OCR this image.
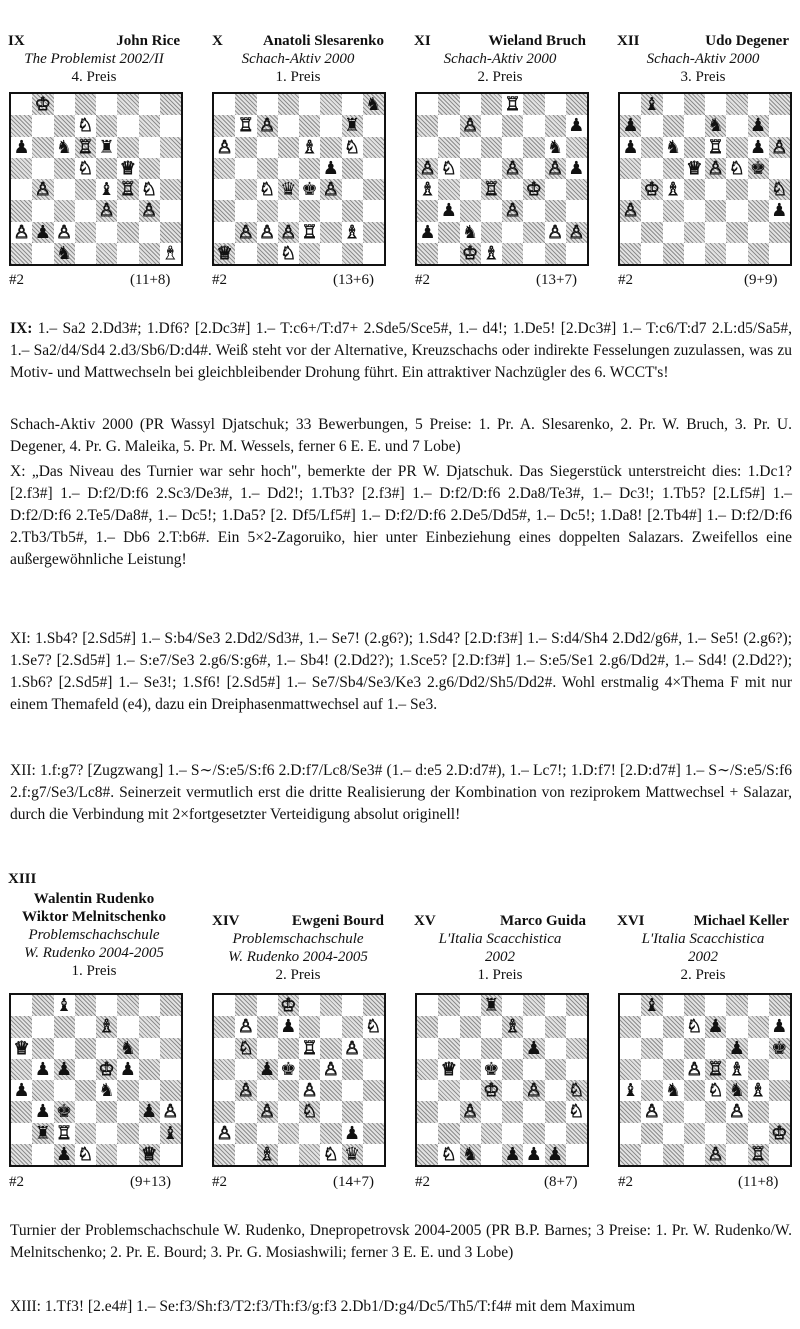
IX	John Rice
The Problemist 2002/II
4. Preis
X	Anatoli Slesarenko
Schach-Aktiv 2000
1. Preis
XI	Wieland Bruch
Schach-Aktiv 2000
2. Preis
XII	Udo Degener
Schach-Aktiv 2000
3. Preis
♔
♘
♟ ♞ ♖ ♜
♕
♘
♝ ♖ ♘
♙
♙
♙
♙
♞	♝
♟
♙
♞
♖ ♙	♜
♗ ♘
♙
♟
♘ ♛ ♚ ♙
♙ ♙ ♙ ♖ ♗
♕	♘
♖
♙	♟
♞
♙ ♘	♙ ♙ ♟
♗	♖ ♔
♟	♙
♞	♙ ♙
♔ ♗
♟
♝
♟	♞ ♟
♖ ♟
♞
♕ ♙ ♘ ♚
♙
♔ ♗	♘
♙
♟
♟
#2	(11+8)	#2	(13+6)	#2	(13+7)	#2	(9+9)
IX: 1.– Sa2 2.Dd3#; 1.Df6? [2.Dc3#] 1.– T:c6+/T:d7+ 2.Sde5/Sce5#, 1.– d4!; 1.De5! [2.Dc3#] 1.– T:c6/T:d7 2.L:d5/Sa5#, 1.– Sa2/d4/Sd4 2.d3/Sb6/D:d4#. Weiß steht vor der Alternative, Kreuzschachs oder indirekte Fesselungen zuzulassen, was zu Motiv- und Mattwechseln bei gleichbleibender Drohung führt. Ein attraktiver Nachzügler des 6. WCCT's!
Schach-Aktiv 2000 (PR Wassyl Djatschuk; 33 Bewerbungen, 5 Preise: 1. Pr. A. Slesarenko, 2. Pr. W. Bruch, 3. Pr. U. Degener, 4. Pr. G. Maleika, 5. Pr. M. Wessels, ferner 6 E. E. und 7 Lobe)
X: „Das Niveau des Turnier war sehr hoch", bemerkte der PR W. Djatschuk. Das Siegerstück unterstreicht dies: 1.Dc1? [2.f3#] 1.– D:f2/D:f6 2.Sc3/De3#, 1.– Dd2!; 1.Tb3? [2.f3#] 1.– D:f2/D:f6 2.Da8/Te3#, 1.– Dc3!; 1.Tb5? [2.Lf5#] 1.– D:f2/D:f6 2.Te5/Da8#, 1.– Dc5!; 1.Da5? [2. Df5/Lf5#] 1.– D:f2/D:f6 2.De5/Dd5#, 1.– Dc5!; 1.Da8! [2.Tb4#] 1.– D:f2/D:f6 2.Tb3/Tb5#, 1.– Db6 2.T:b6#. Ein 5×2-Zagoruiko, hier unter Einbeziehung eines doppelten Salazars. Zweifellos eine außergewöhnliche Leistung!
XI: 1.Sb4? [2.Sd5#] 1.– S:b4/Se3 2.Dd2/Sd3#, 1.– Se7! (2.g6?); 1.Sd4? [2.D:f3#] 1.– S:d4/Sh4 2.Dd2/g6#, 1.– Se5! (2.g6?); 1.Se7? [2.Sd5#] 1.– S:e7/Se3 2.g6/S:g6#, 1.– Sb4! (2.Dd2?); 1.Sce5? [2.D:f3#] 1.– S:e5/Se1 2.g6/Dd2#, 1.– Sd4! (2.Dd2?); 1.Sb6? [2.Sd5#] 1.– Se3!; 1.Sf6! [2.Sd5#] 1.– Se7/Sb4/Se3/Ke3 2.g6/Dd2/Sh5/Dd2#. Wohl erstmalig 4×Thema F mit nur einem Themafeld (e4), dazu ein Dreiphasenmattwechsel auf 1.– Se3.
XII: 1.f:g7? [Zugzwang] 1.– S∼/S:e5/S:f6 2.D:f7/Lc8/Se3# (1.– d:e5 2.D:d7#), 1.– Lc7!; 1.D:f7! [2.D:d7#] 1.– S∼/S:e5/S:f6 2.f:g7/Se3/Lc8#. Seinerzeit vermutlich erst die dritte Realisierung der Kombination von reziprokem Mattwechsel + Salazar, durch die Verbindung mit 2×fortgesetzter Verteidigung absolut originell!
XIII
Walentin Rudenko
Wiktor Melnitschenko
Problemschachschule
W. Rudenko 2004-2005
1. Preis
XIV	Ewgeni Bourd
Problemschachschule
W. Rudenko 2004-2005
2. Preis
XV	Marco Guida
L'Italia Scacchistica
2002
1. Preis
XVI	Michael Keller
L'Italia Scacchistica
2002
2. Preis
♝
♗
♞
♕
♟	♔
♟	♟
♞
♟ ♚	♙
♜ ♖	♝
♘	♕
♟
♟
♟
♔
♙ ♟	♘
♘	♖ ♙
♚
♟	♙
♙	♙
♙ ♘
♙	♟
♘ ♛
♗
♜
♗
♟
♕ ♚
♙
♔	♘
♙	♘
♘ ♞ ♟ ♟ ♟
♝
♘
♟ ♚
♙ ♖ ♗
♝ ♞ ♘ ♞ ♗
♙	♙
♔
♙ ♖
♟	♟
#2	(9+13)	#2	(14+7)	#2	(8+7)	#2	(11+8)
Turnier der Problemschachschule W. Rudenko, Dnepropetrovsk 2004-2005 (PR B.P. Barnes; 3 Preise: 1. Pr. W. Rudenko/W. Melnitschenko; 2. Pr. E. Bourd; 3. Pr. G. Mosiashwili; ferner 3 E. E. und 3 Lobe)
XIII: 1.Tf3! [2.e4#] 1.– Se:f3/Sh:f3/T2:f3/Th:f3/g:f3 2.Db1/D:g4/Dc5/Th5/T:f4# mit dem Maximum
